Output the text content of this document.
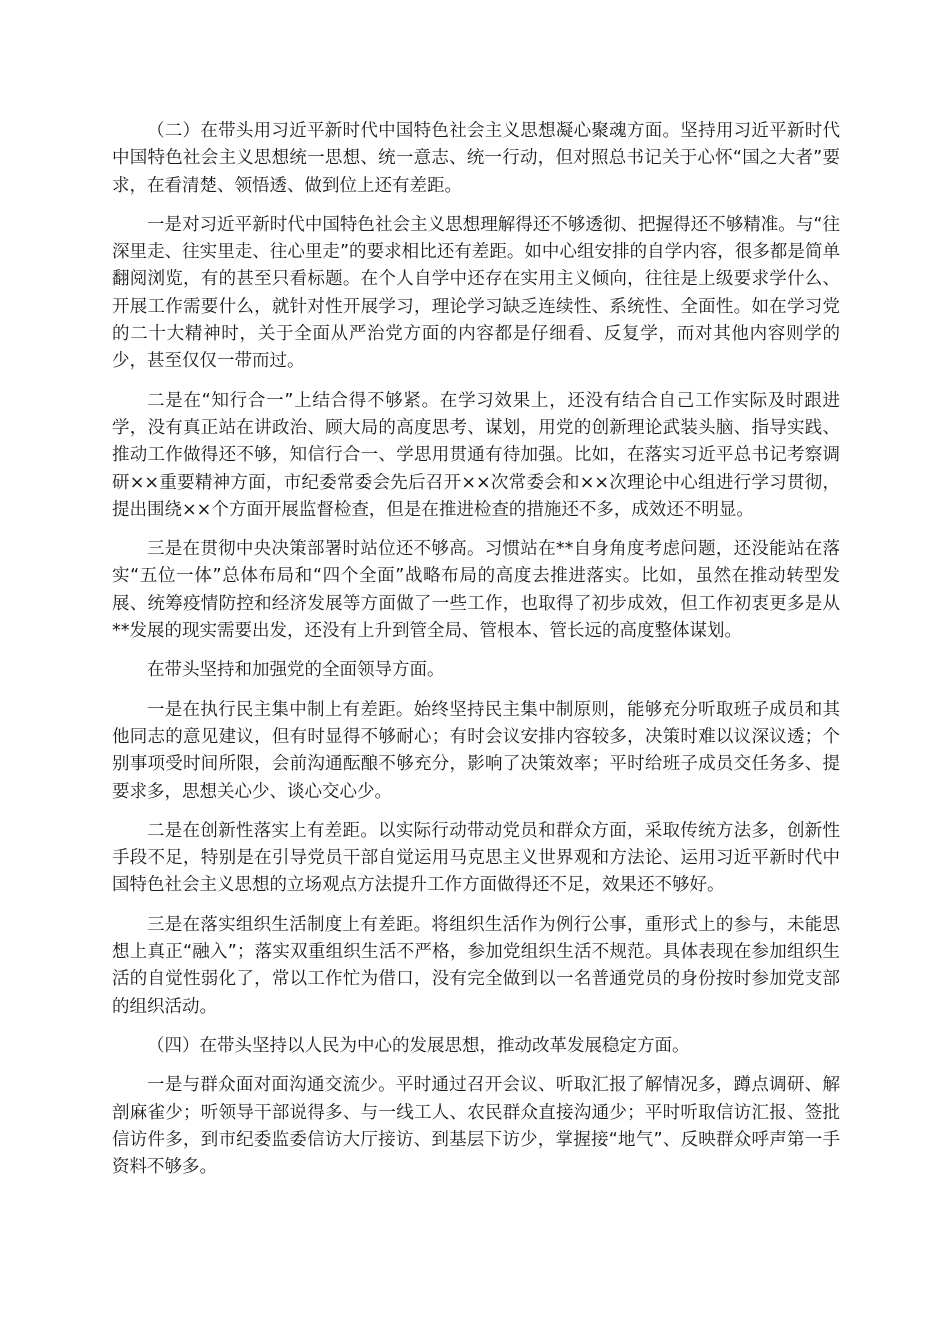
（二）在带头用习近平新时代中国特色社会主义思想凝心聚魂方面。坚持用习近平新时代中国特色社会主义思想统一思想、统一意志、统一行动，但对照总书记关于心怀“国之大者”要求，在看清楚、领悟透、做到位上还有差距。

一是对习近平新时代中国特色社会主义思想理解得还不够透彻、把握得还不够精准。与“往深里走、往实里走、往心里走”的要求相比还有差距。如中心组安排的自学内容，很多都是简单翻阅浏览，有的甚至只看标题。在个人自学中还存在实用主义倾向，往往是上级要求学什么、开展工作需要什么，就针对性开展学习，理论学习缺乏连续性、系统性、全面性。如在学习党的二十大精神时，关于全面从严治党方面的内容都是仔细看、反复学，而对其他内容则学的少，甚至仅仅一带而过。

二是在“知行合一”上结合得不够紧。在学习效果上，还没有结合自己工作实际及时跟进学，没有真正站在讲政治、顾大局的高度思考、谋划，用党的创新理论武装头脑、指导实践、推动工作做得还不够，知信行合一、学思用贯通有待加强。比如，在落实习近平总书记考察调研××重要精神方面，市纪委常委会先后召开××次常委会和××次理论中心组进行学习贯彻，提出围绕××个方面开展监督检查，但是在推进检查的措施还不多，成效还不明显。

三是在贯彻中央决策部署时站位还不够高。习惯站在**自身角度考虑问题，还没能站在落实“五位一体”总体布局和“四个全面”战略布局的高度去推进落实。比如，虽然在推动转型发展、统筹疫情防控和经济发展等方面做了一些工作，也取得了初步成效，但工作初衷更多是从**发展的现实需要出发，还没有上升到管全局、管根本、管长远的高度整体谋划。

在带头坚持和加强党的全面领导方面。

一是在执行民主集中制上有差距。始终坚持民主集中制原则，能够充分听取班子成员和其他同志的意见建议，但有时显得不够耐心；有时会议安排内容较多，决策时难以议深议透；个别事项受时间所限，会前沟通酝酿不够充分，影响了决策效率；平时给班子成员交任务多、提要求多，思想关心少、谈心交心少。

二是在创新性落实上有差距。以实际行动带动党员和群众方面，采取传统方法多，创新性手段不足，特别是在引导党员干部自觉运用马克思主义世界观和方法论、运用习近平新时代中国特色社会主义思想的立场观点方法提升工作方面做得还不足，效果还不够好。

三是在落实组织生活制度上有差距。将组织生活作为例行公事，重形式上的参与，未能思想上真正“融入”；落实双重组织生活不严格，参加党组织生活不规范。具体表现在参加组织生活的自觉性弱化了，常以工作忙为借口，没有完全做到以一名普通党员的身份按时参加党支部的组织活动。

（四）在带头坚持以人民为中心的发展思想，推动改革发展稳定方面。

一是与群众面对面沟通交流少。平时通过召开会议、听取汇报了解情况多，蹲点调研、解剖麻雀少；听领导干部说得多、与一线工人、农民群众直接沟通少；平时听取信访汇报、签批信访件多，到市纪委监委信访大厅接访、到基层下访少，掌握接“地气”、反映群众呼声第一手资料不够多。
